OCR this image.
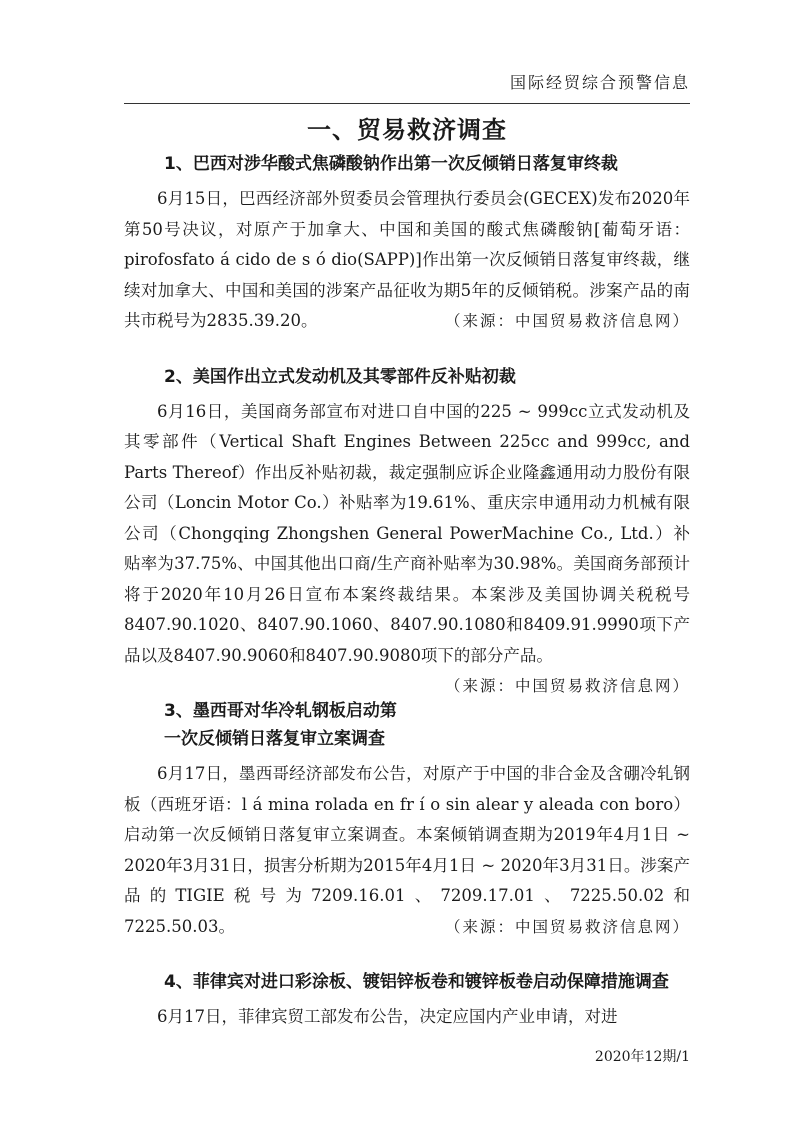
国际经贸综合预警信息
一、贸易救济调查
1、巴西对涉华酸式焦磷酸钠作出第一次反倾销日落复审终裁

6月15日，巴西经济部外贸委员会管理执行委员会(GECEX)发布2020年第50号决议，对原产于加拿大、中国和美国的酸式焦磷酸钠[葡萄牙语：pirofosfato á cido de s ó dio(SAPP)]作出第一次反倾销日落复审终裁，继续对加拿大、中国和美国的涉案产品征收为期5年的反倾销税。涉案产品的南共市税号为2835.39.20。	（来源：中国贸易救济信息网）

2、美国作出立式发动机及其零部件反补贴初裁

6月16日，美国商务部宣布对进口自中国的225 ~ 999cc立式发动机及其零部件（Vertical Shaft Engines Between 225cc and 999cc, and Parts Thereof）作出反补贴初裁，裁定强制应诉企业隆鑫通用动力股份有限公司（Loncin Motor Co.）补贴率为19.61%、重庆宗申通用动力机械有限公司（Chongqing Zhongshen General PowerMachine Co., Ltd.）补贴率为37.75%、中国其他出口商/生产商补贴率为30.98%。美国商务部预计将于2020年10月26日宣布本案终裁结果。本案涉及美国协调关税税号8407.90.1020、8407.90.1060、8407.90.1080和8409.91.9990项下产品以及8407.90.9060和8407.90.9080项下的部分产品。
（来源：中国贸易救济信息网）

3、墨西哥对华冷轧钢板启动第一次反倾销日落复审立案调查

6月17日，墨西哥经济部发布公告，对原产于中国的非合金及含硼冷轧钢板（西班牙语：l á mina rolada en fr í o sin alear y aleada con boro）启动第一次反倾销日落复审立案调查。本案倾销调查期为2019年4月1日 ~ 2020年3月31日，损害分析期为2015年4月1日 ~ 2020年3月31日。涉案产品的TIGIE税号为7209.16.01、7209.17.01、7225.50.02和7225.50.03。	（来源：中国贸易救济信息网）

4、菲律宾对进口彩涂板、镀铝锌板卷和镀锌板卷启动保障措施调查

6月17日，菲律宾贸工部发布公告，决定应国内产业申请，对进

2020年12期/1
